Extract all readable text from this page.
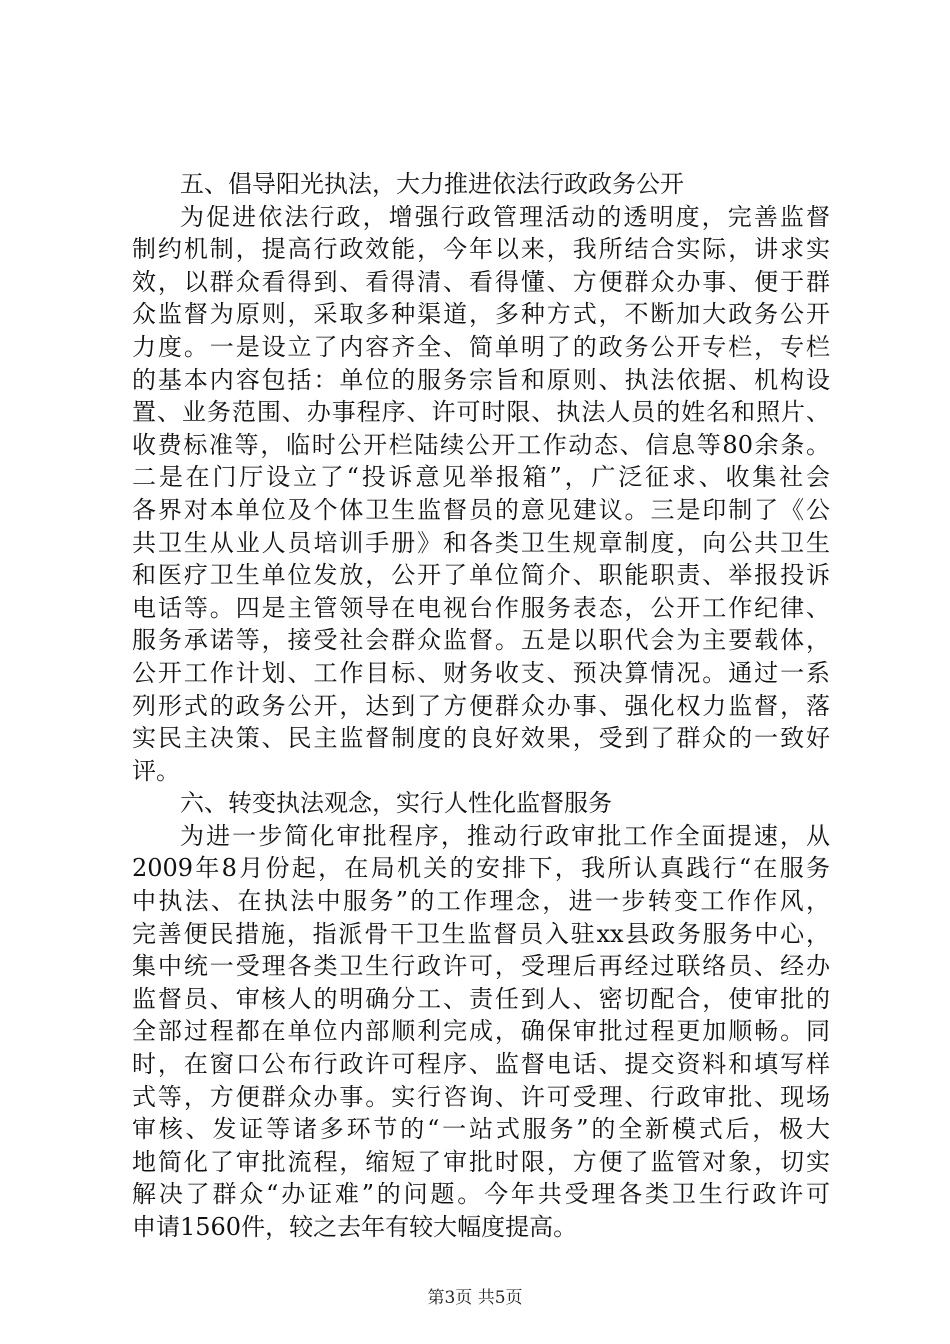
五、倡导阳光执法，大力推进依法行政政务公开
为促进依法行政，增强行政管理活动的透明度，完善监督
制约机制，提高行政效能，今年以来，我所结合实际，讲求实
效，以群众看得到、看得清、看得懂、方便群众办事、便于群
众监督为原则，采取多种渠道，多种方式，不断加大政务公开
力度。一是设立了内容齐全、简单明了的政务公开专栏，专栏
的基本内容包括：单位的服务宗旨和原则、执法依据、机构设
置、业务范围、办事程序、许可时限、执法人员的姓名和照片、
收费标准等，临时公开栏陆续公开工作动态、信息等80余条。
二是在门厅设立了“投诉意见举报箱”，广泛征求、收集社会
各界对本单位及个体卫生监督员的意见建议。三是印制了《公
共卫生从业人员培训手册》和各类卫生规章制度，向公共卫生
和医疗卫生单位发放，公开了单位简介、职能职责、举报投诉
电话等。四是主管领导在电视台作服务表态，公开工作纪律、
服务承诺等，接受社会群众监督。五是以职代会为主要载体，
公开工作计划、工作目标、财务收支、预决算情况。通过一系
列形式的政务公开，达到了方便群众办事、强化权力监督，落
实民主决策、民主监督制度的良好效果，受到了群众的一致好
评。
六、转变执法观念，实行人性化监督服务
为进一步简化审批程序，推动行政审批工作全面提速，从
2009年8月份起，在局机关的安排下，我所认真践行“在服务
中执法、在执法中服务”的工作理念，进一步转变工作作风，
完善便民措施，指派骨干卫生监督员入驻xx县政务服务中心，
集中统一受理各类卫生行政许可，受理后再经过联络员、经办
监督员、审核人的明确分工、责任到人、密切配合，使审批的
全部过程都在单位内部顺利完成，确保审批过程更加顺畅。同
时，在窗口公布行政许可程序、监督电话、提交资料和填写样
式等，方便群众办事。实行咨询、许可受理、行政审批、现场
审核、发证等诸多环节的“一站式服务”的全新模式后，极大
地简化了审批流程，缩短了审批时限，方便了监管对象，切实
解决了群众“办证难”的问题。今年共受理各类卫生行政许可
申请1560件，较之去年有较大幅度提高。
第3页 共5页
